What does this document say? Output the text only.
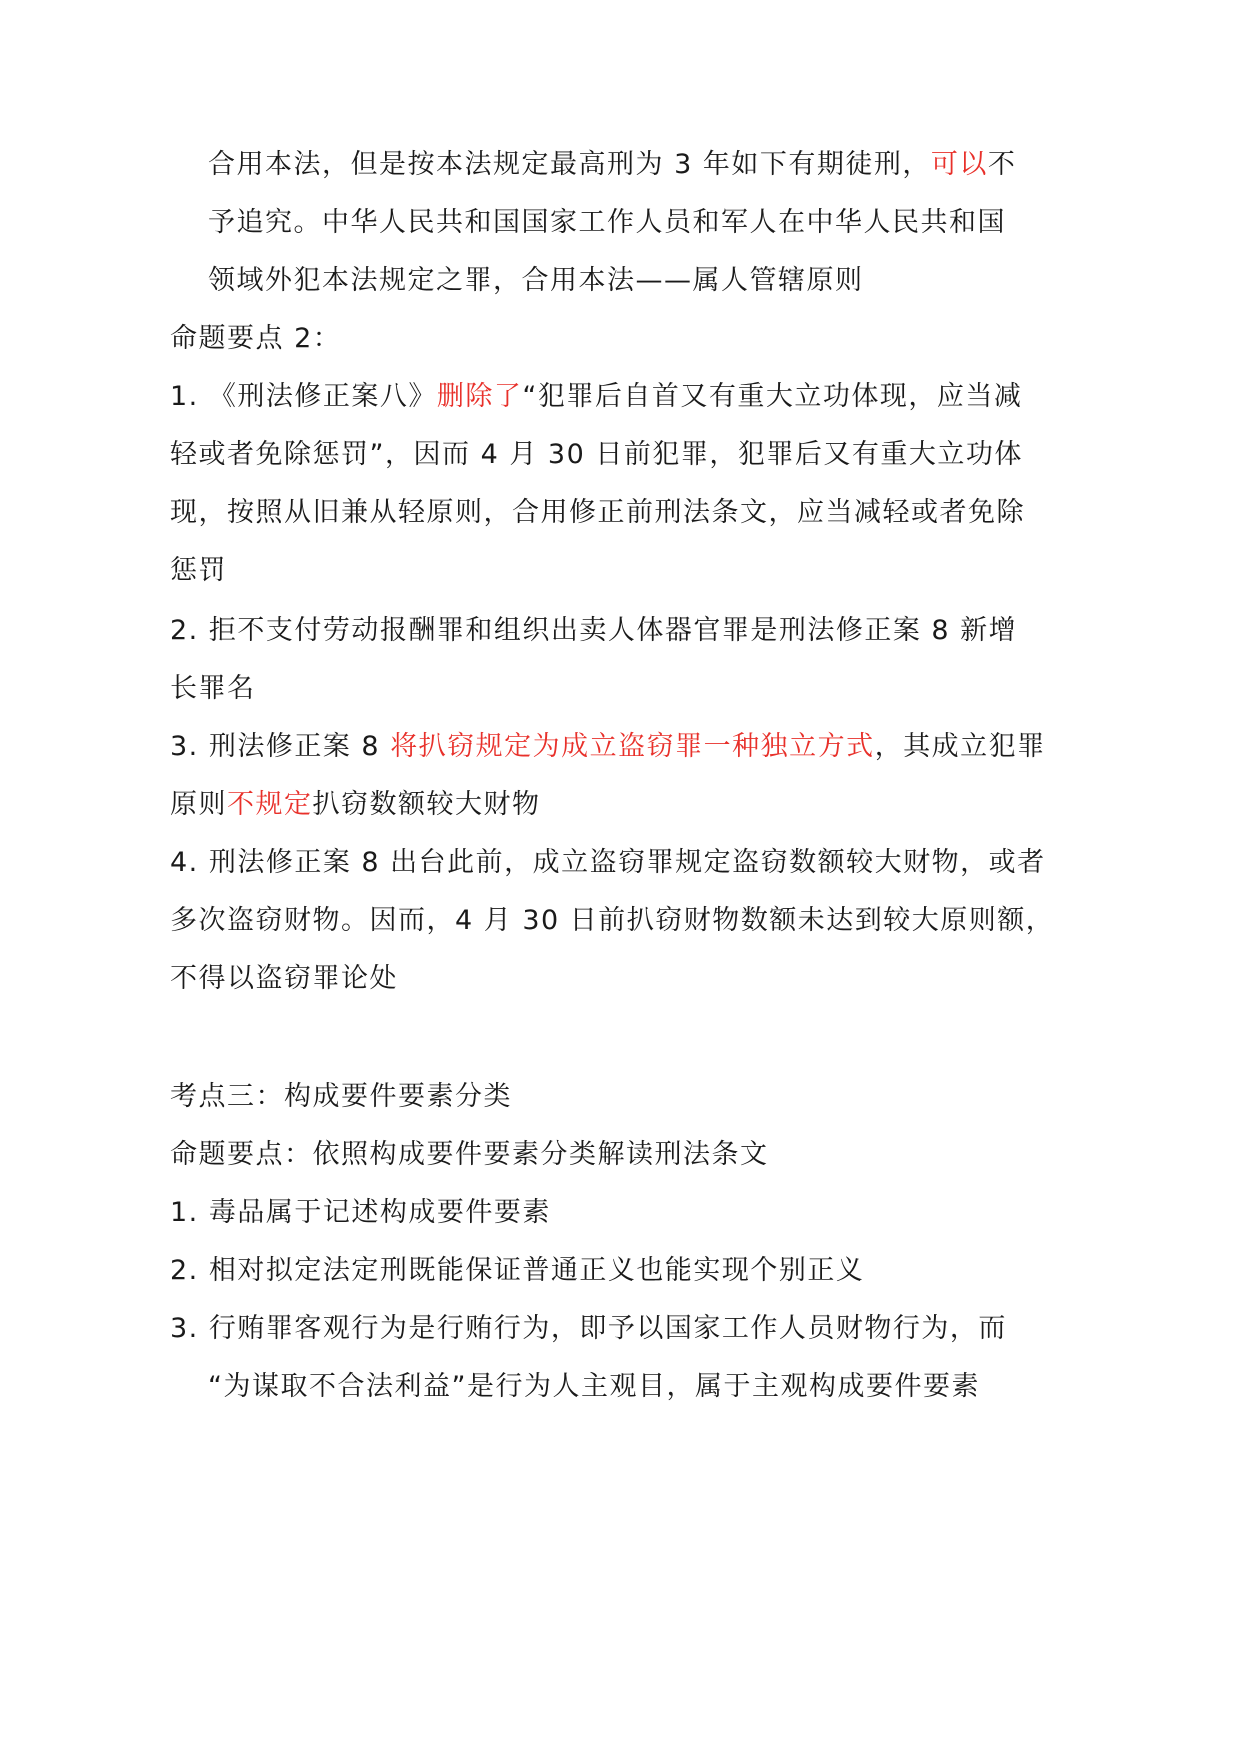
合用本法，但是按本法规定最高刑为 3 年如下有期徒刑，可以不
予追究。中华人民共和国国家工作人员和军人在中华人民共和国
领域外犯本法规定之罪，合用本法——属人管辖原则
命题要点 2：
1. 《刑法修正案八》删除了“犯罪后自首又有重大立功体现，应当减
轻或者免除惩罚”，因而 4 月 30 日前犯罪，犯罪后又有重大立功体
现，按照从旧兼从轻原则，合用修正前刑法条文，应当减轻或者免除
惩罚
2. 拒不支付劳动报酬罪和组织出卖人体器官罪是刑法修正案 8 新增
长罪名
3. 刑法修正案 8 将扒窃规定为成立盗窃罪一种独立方式，其成立犯罪
原则不规定扒窃数额较大财物
4. 刑法修正案 8 出台此前，成立盗窃罪规定盗窃数额较大财物，或者
多次盗窃财物。因而，4 月 30 日前扒窃财物数额未达到较大原则额，
不得以盗窃罪论处
考点三：构成要件要素分类
命题要点：依照构成要件要素分类解读刑法条文
1. 毒品属于记述构成要件要素
2. 相对拟定法定刑既能保证普通正义也能实现个别正义
3. 行贿罪客观行为是行贿行为，即予以国家工作人员财物行为，而
“为谋取不合法利益”是行为人主观目，属于主观构成要件要素
